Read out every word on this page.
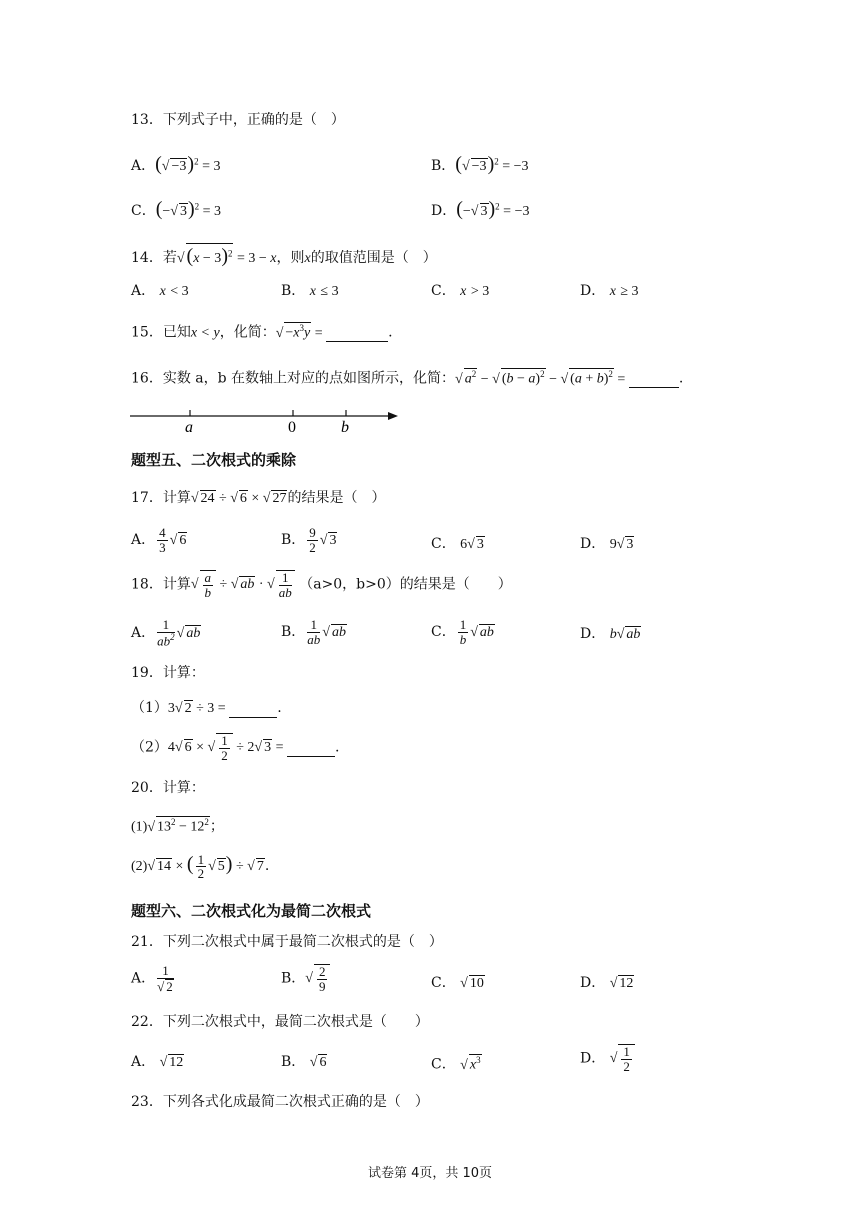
13．下列式子中，正确的是（　）
A．(√ −3)$^2$ = 3	B．(√ −3)$^2$ = −3
C．(−√ 3)$^2$ = 3	D．(−√ 3)$^2$ = −3
14．若√ $(x - 3)^2 = 3 - x$，则x的取值范围是（　）
A． x < 3	B． x ≤ 3	C． x > 3	D． x ≥ 3
15．已知x < y，化简：√ $-x^3y$ =	.
16．实数 a，b 在数轴上对应的点如图所示，化简：√ $a^2$ − √ $(b - a)^2$ − √ $(a + b)^2$ =	.
a	0	b
题型五、二次根式的乘除
17．计算√ 24 ÷ √ 6 × √ 27的结果是（　）
A． $\frac{4}{3}$ √ 6	B． $\frac{9}{2}$ √ 3	C． 6√ 3	D． 9√ 3
18．计算√ $\frac{a}{b}$ ÷ √ ab · √ $\frac{1}{ab} (a>0$，b>0）的结果是（　　）
A． $\frac{1}{ab^2}$ √ ab	B． $\frac{1}{ab}$ √ ab	C． $\frac{1}{b}$ √ ab	D． b√ ab
19．计算：
（1）3√ 2 ÷ 3 =	.
（2）4√ 6 × √ $\frac{1}{2} \div 2√$ 3 =	.
20．计算：
(1)√ $13^2 - 12^2$；
(2)√ 14 × ( $\frac{1}{2}$ √ 5) ÷ √ 7.
题型六、二次根式化为最简二次根式
21．下列二次根式中属于最简二次根式的是（　）
A． $\frac{1}{√ 2}$	B．√ $\frac{2}{9}$	C． √ 10	D． √ 12
22．下列二次根式中，最简二次根式是（　　）
A． √ 12	B． √ 6	C． √ $x^3$	D． √ $\frac{1}{2}$
23．下列各式化成最简二次根式正确的是（　）
试卷第 4页，共 10页
